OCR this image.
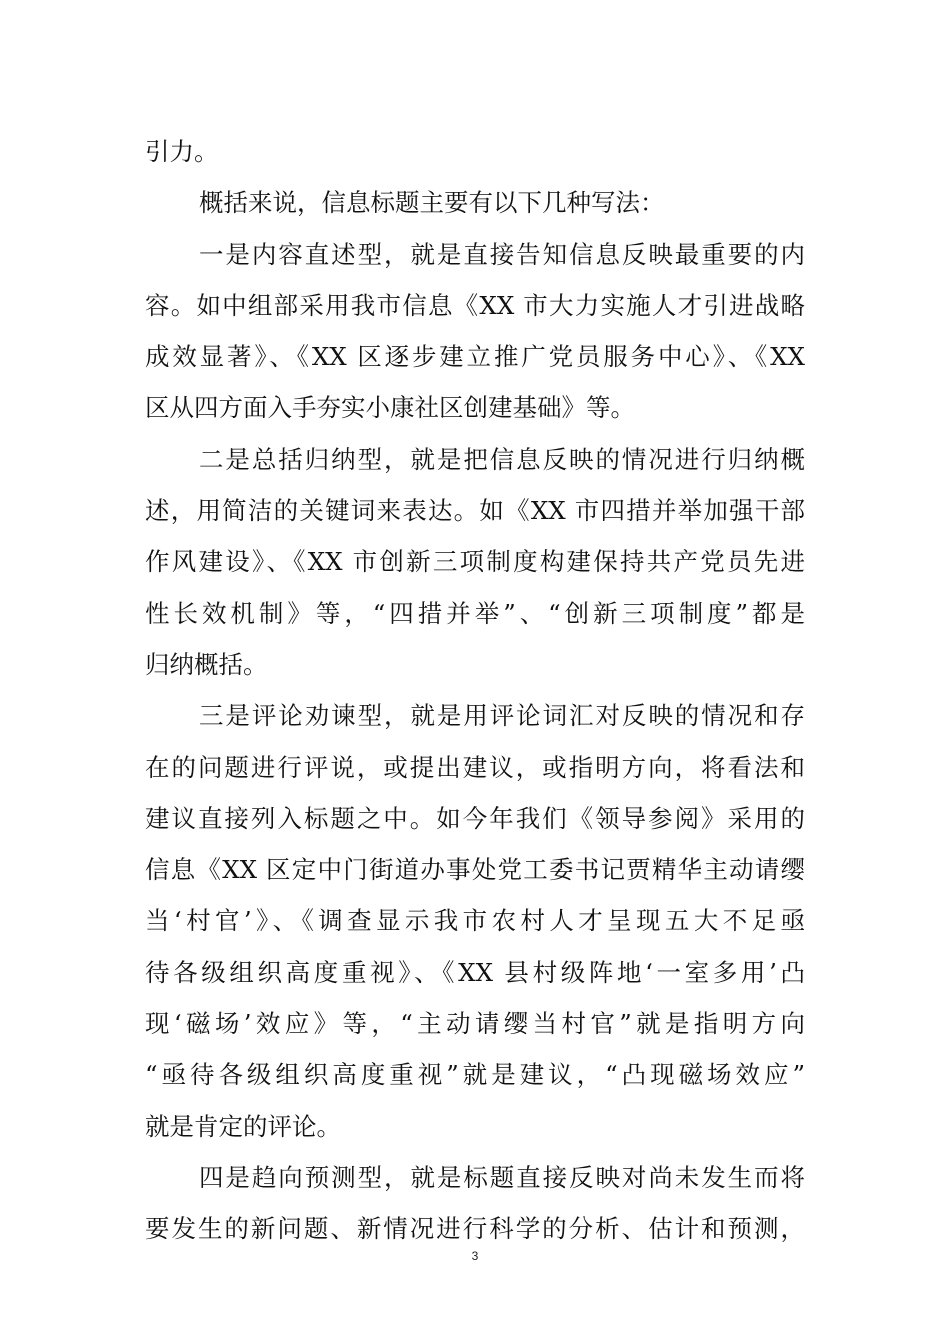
引力。
概括来说，信息标题主要有以下几种写法：
一是内容直述型，就是直接告知信息反映最重要的内
容。如中组部采用我市信息《XX 市大力实施人才引进战略
成效显著》、《XX 区逐步建立推广党员服务中心》、《XX
区从四方面入手夯实小康社区创建基础》等。
二是总括归纳型，就是把信息反映的情况进行归纳概
述，用简洁的关键词来表达。如《XX 市四措并举加强干部
作风建设》、《XX 市创新三项制度构建保持共产党员先进
性长效机制》等，“四措并举”、“创新三项制度”都是
归纳概括。
三是评论劝谏型，就是用评论词汇对反映的情况和存
在的问题进行评说，或提出建议，或指明方向，将看法和
建议直接列入标题之中。如今年我们《领导参阅》采用的
信息《XX 区定中门街道办事处党工委书记贾精华主动请缨
当‘村官’》、《调查显示我市农村人才呈现五大不足亟
待各级组织高度重视》、《XX 县村级阵地‘一室多用’凸
现‘磁场’效应》等，“主动请缨当村官”就是指明方向
“亟待各级组织高度重视”就是建议，“凸现磁场效应”
就是肯定的评论。
四是趋向预测型，就是标题直接反映对尚未发生而将
要发生的新问题、新情况进行科学的分析、估计和预测，
3
